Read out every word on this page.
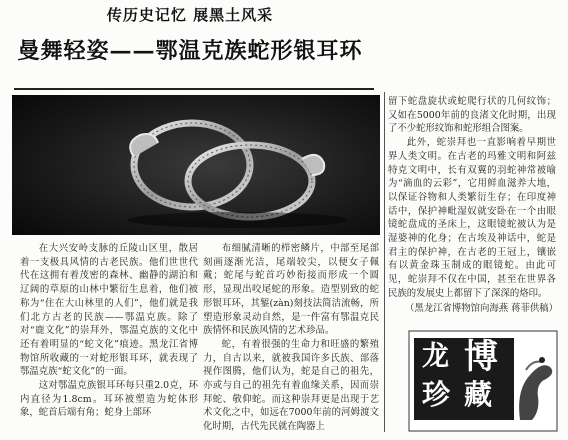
传历史记忆 展黑土风采
曼舞轻姿——鄂温克族蛇形银耳环

在大兴安岭支脉的丘陵山区里，散居着一支极具风情的古老民族。他们世世代代在这拥有着茂密的森林、幽静的湖泊和辽阔的草原的山林中繁衍生息着，他们被称为“住在大山林里的人们”，他们就是我们北方古老的民族——鄂温克族。除了对“鹿文化”的崇拜外，鄂温克族的文化中还有着明显的“蛇文化”痕迹。黑龙江省博物馆所收藏的一对蛇形银耳环，就表现了鄂温克族“蛇文化”的一面。

这对鄂温克族银耳环每只重2.0克，环内直径为1.8cm。耳环被塑造为蛇体形象，蛇首后端有角；蛇身上部环

布细腻清晰的栉密鳞片，中部至尾部刻画逐渐光洁，尾端较尖，以便女子佩戴；蛇尾与蛇首巧妙衔接而形成一个圆形，显现出咬尾蛇的形象。造型别致的蛇形银耳环，其錾(zàn)刻技法简洁流畅，所塑造形象灵动自然，是一件富有鄂温克民族情怀和民族风情的艺术珍品。

蛇，有着很强的生命力和旺盛的繁殖力，自古以来，就被我国许多氏族、部落视作图腾，他们认为，蛇是自己的祖先，亦或与自己的祖先有着血缘关系，因而崇拜蛇、敬仰蛇。而这种崇拜更是出现于艺术文化之中，如远在7000年前的河姆渡文化时期，古代先民就在陶器上

留下蛇盘旋状或蛇爬行状的几何纹饰；又如在5000年前的良渚文化时期，出现了不少蛇形纹饰和蛇形组合图案。

此外，蛇崇拜也一直影响着早期世界人类文明。在古老的玛雅文明和阿兹特克文明中，长有双翼的羽蛇神常被喻为“滴血的云彩”，它用鲜血滋养大地，以保证谷物和人类繁衍生存；在印度神话中，保护神毗湿奴就安卧在一个由眼镜蛇盘成的圣床上，这眼镜蛇被认为是湿婆神的化身；在古埃及神话中，蛇是君主的保护神，在古老的王冠上，镶嵌有以黄金珠玉制成的眼镜蛇。由此可见，蛇崇拜不仅在中国，甚至在世界各民族的发展史上都留下了深深的烙印。

（黑龙江省博物馆向海燕 蒋菲供稿）
龙 博
珍 藏
